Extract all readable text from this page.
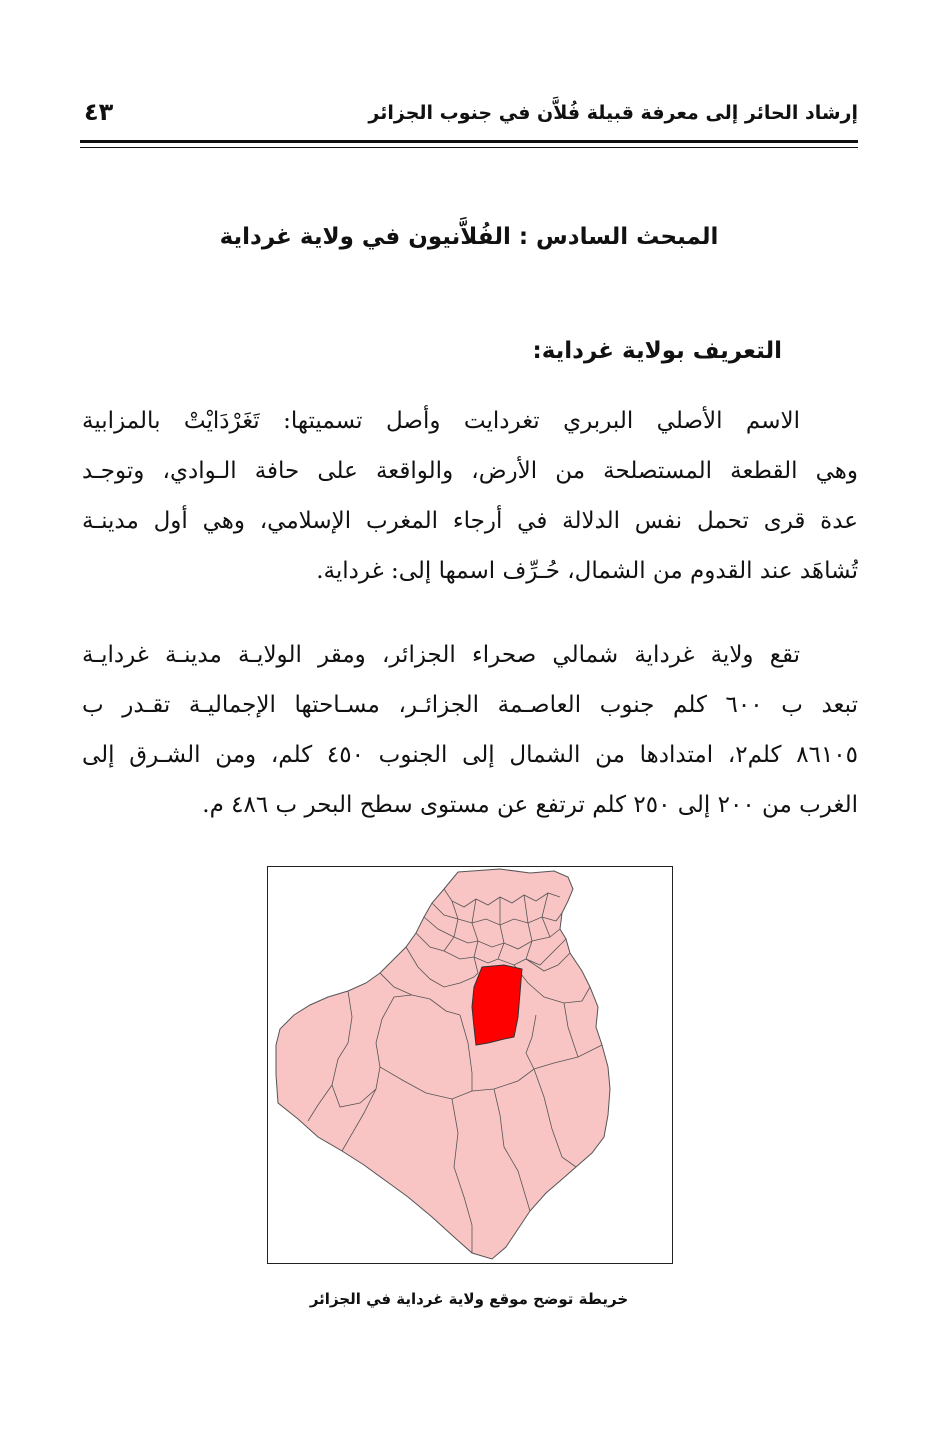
إرشاد الحائر إلى معرفة قبيلة فُلاَّن في جنوب الجزائر
٤٣
المبحث السادس : الفُلاَّنيون في ولاية غرداية
التعريف بولاية غرداية:
الاسم الأصلي البربري تغردايت وأصل تسميتها: تَغَرْدَايْتْ بالمزابية
وهي القطعة المستصلحة من الأرض، والواقعة على حافة الـوادي، وتوجـد
عدة قرى تحمل نفس الدلالة في أرجاء المغرب الإسلامي، وهي أول مدينـة
تُشاهَد عند القدوم من الشمال، حُـرِّف اسمها إلى: غرداية.
تقع ولاية غرداية شمالي صحراء الجزائر، ومقر الولايـة مدينـة غردايـة
تبعد ب ٦٠٠ كلم جنوب العاصـمة الجزائـر، مسـاحتها الإجماليـة تقـدر ب
٨٦١٠٥ كلم٢، امتدادها من الشمال إلى الجنوب ٤٥٠ كلم، ومن الشـرق إلى
الغرب من ٢٠٠ إلى ٢٥٠ كلم ترتفع عن مستوى سطح البحر ب ٤٨٦ م.
خريطة توضح موقع ولاية غرداية في الجزائر
